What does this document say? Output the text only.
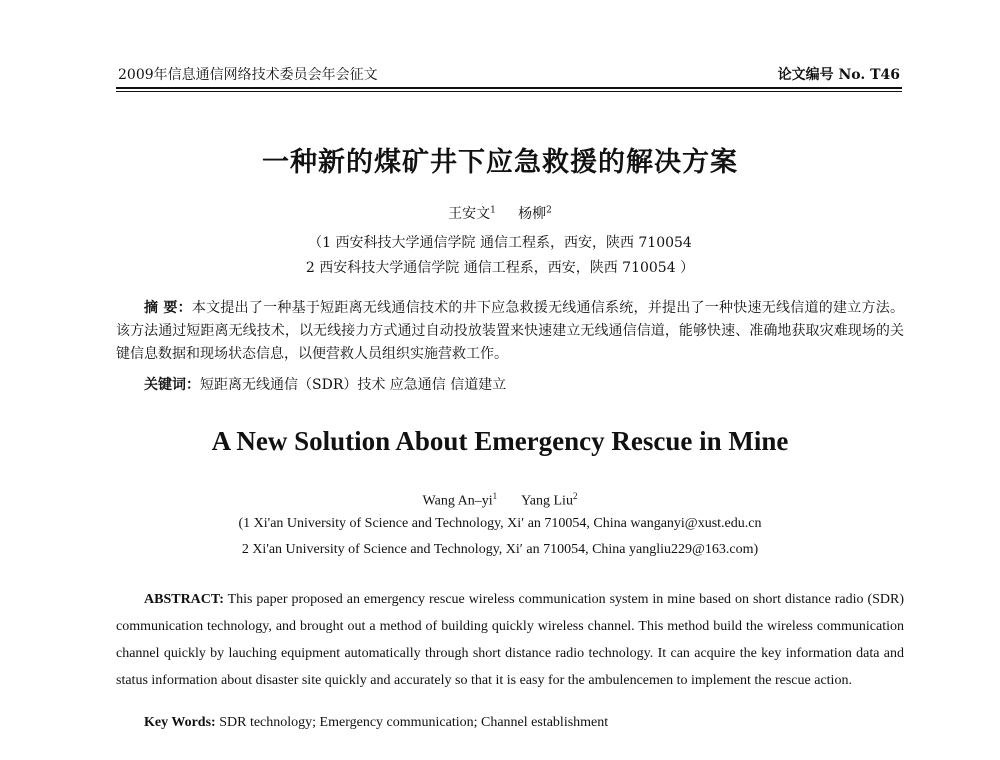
2009年信息通信网络技术委员会年会征文	论文编号 No. T46
一种新的煤矿井下应急救援的解决方案
王安文$^1$ 杨柳$^2$
（1 西安科技大学通信学院 通信工程系，西安，陕西 710054
2 西安科技大学通信学院 通信工程系，西安，陕西 710054 ）
摘 要：本文提出了一种基于短距离无线通信技术的井下应急救援无线通信系统，并提出了一种快速无线信道的建立方法。该方法通过短距离无线技术，以无线接力方式通过自动投放装置来快速建立无线通信信道，能够快速、准确地获取灾难现场的关键信息数据和现场状态信息，以便营救人员组织实施营救工作。
关键词：短距离无线通信（SDR）技术 应急通信 信道建立
A New Solution About Emergency Rescue in Mine
Wang $An-yi^1$ Yang Liu$^2$
(1 Xi'an University of Science and Technology, Xi′ an 710054, China wanganyi@xust.edu.cn
2 Xi'an University of Science and Technology, Xi′ an 710054, China yangliu229@163.com)
ABSTRACT: This paper proposed an emergency rescue wireless communication system in mine based on short distance radio (SDR) communication technology, and brought out a method of building quickly wireless channel. This method build the wireless communication channel quickly by lauching equipment automatically through short distance radio technology. It can acquire the key information data and status information about disaster site quickly and accurately so that it is easy for the ambulencemen to implement the rescue action.
Key Words: SDR technology; Emergency communication; Channel establishment
